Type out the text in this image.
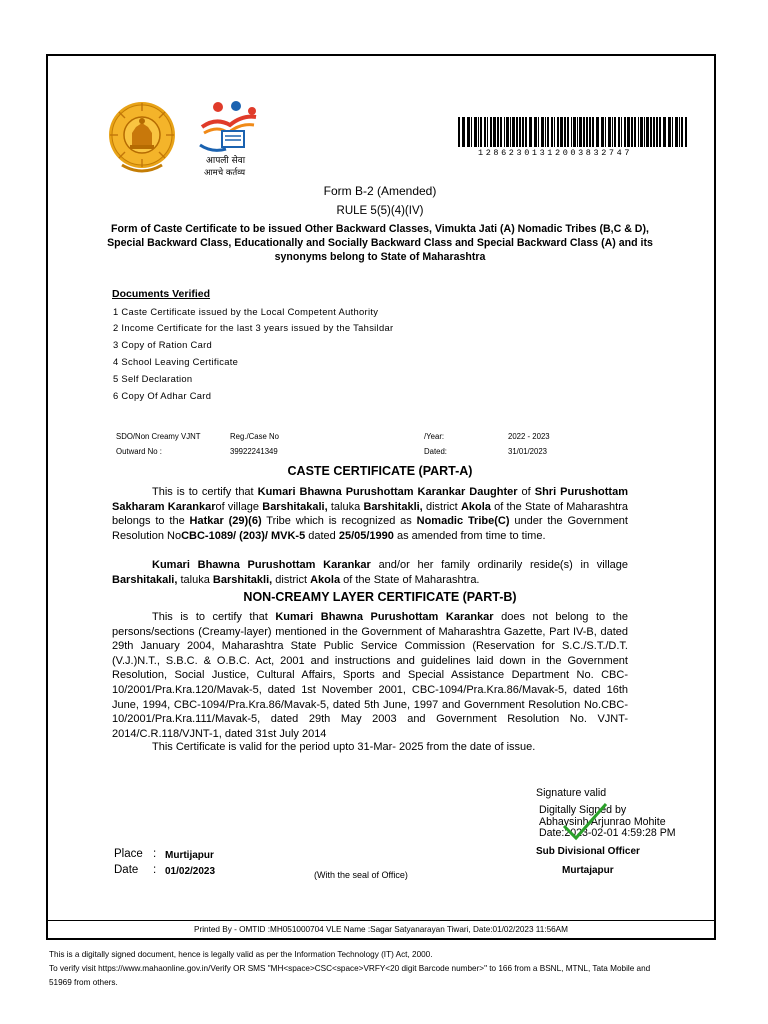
आपली सेवा
आमचे कर्तव्य
12862301312003832747
Form B-2 (Amended)
RULE 5(5)(4)(IV)
Form of Caste Certificate to be issued Other Backward Classes, Vimukta Jati (A) Nomadic Tribes (B,C & D), Special Backward Class, Educationally and Socially Backward Class and Special Backward Class (A) and its synonyms belong to State of Maharashtra
Documents Verified
1 Caste Certificate issued by the Local Competent Authority
2 Income Certificate for the last 3 years issued by the Tahsildar
3 Copy of Ration Card
4 School Leaving Certificate
5 Self Declaration
6 Copy Of Adhar Card
SDO/Non Creamy VJNT	Reg./Case No	/Year:	2022 - 2023
Outward No :	39922241349	Dated:	31/01/2023
CASTE CERTIFICATE (PART-A)
This is to certify that Kumari Bhawna Purushottam Karankar Daughter of Shri Purushottam Sakharam Karankarof village Barshitakali, taluka Barshitakli, district Akola of the State of Maharashtra belongs to the Hatkar (29)(6) Tribe which is recognized as Nomadic Tribe(C) under the Government Resolution NoCBC-1089/ (203)/ MVK-5 dated 25/05/1990 as amended from time to time.
Kumari Bhawna Purushottam Karankar and/or her family ordinarily reside(s) in village Barshitakali, taluka Barshitakli, district Akola of the State of Maharashtra.
NON-CREAMY LAYER CERTIFICATE (PART-B)
This is to certify that Kumari Bhawna Purushottam Karankar does not belong to the persons/sections (Creamy-layer) mentioned in the Government of Maharashtra Gazette, Part IV-B, dated 29th January 2004, Maharashtra State Public Service Commission (Reservation for S.C./S.T./D.T.(V.J.)N.T., S.B.C. & O.B.C. Act, 2001 and instructions and guidelines laid down in the Government Resolution, Social Justice, Cultural Affairs, Sports and Special Assistance Department No. CBC-10/2001/Pra.Kra.120/Mavak-5, dated 1st November 2001, CBC-1094/Pra.Kra.86/Mavak-5, dated 16th June, 1994, CBC-1094/Pra.Kra.86/Mavak-5, dated 5th June, 1997 and Government Resolution No.CBC- 10/2001/Pra.Kra.111/Mavak-5, dated 29th May 2003 and Government Resolution No. VJNT-2014/C.R.118/VJNT-1, dated 31st July 2014
This Certificate is valid for the period upto 31-Mar- 2025 from the date of issue.
Signature valid
Digitally Signed by
Abhaysinh Arjunrao Mohite
Date:2023-02-01 4:59:28 PM
Sub Divisional Officer
Murtajapur
Place : Murtijapur
Date : 01/02/2023	(With the seal of Office)
Printed By - OMTID :MH051000704 VLE Name :Sagar Satyanarayan Tiwari, Date:01/02/2023 11:56AM
This is a digitally signed document, hence is legally valid as per the Information Technology (IT) Act, 2000.
To verify visit https://www.mahaonline.gov.in/Verify OR SMS "MH<space>CSC<space>VRFY<20 digit Barcode number>" to 166 from a BSNL, MTNL, Tata Mobile and
51969 from others.
